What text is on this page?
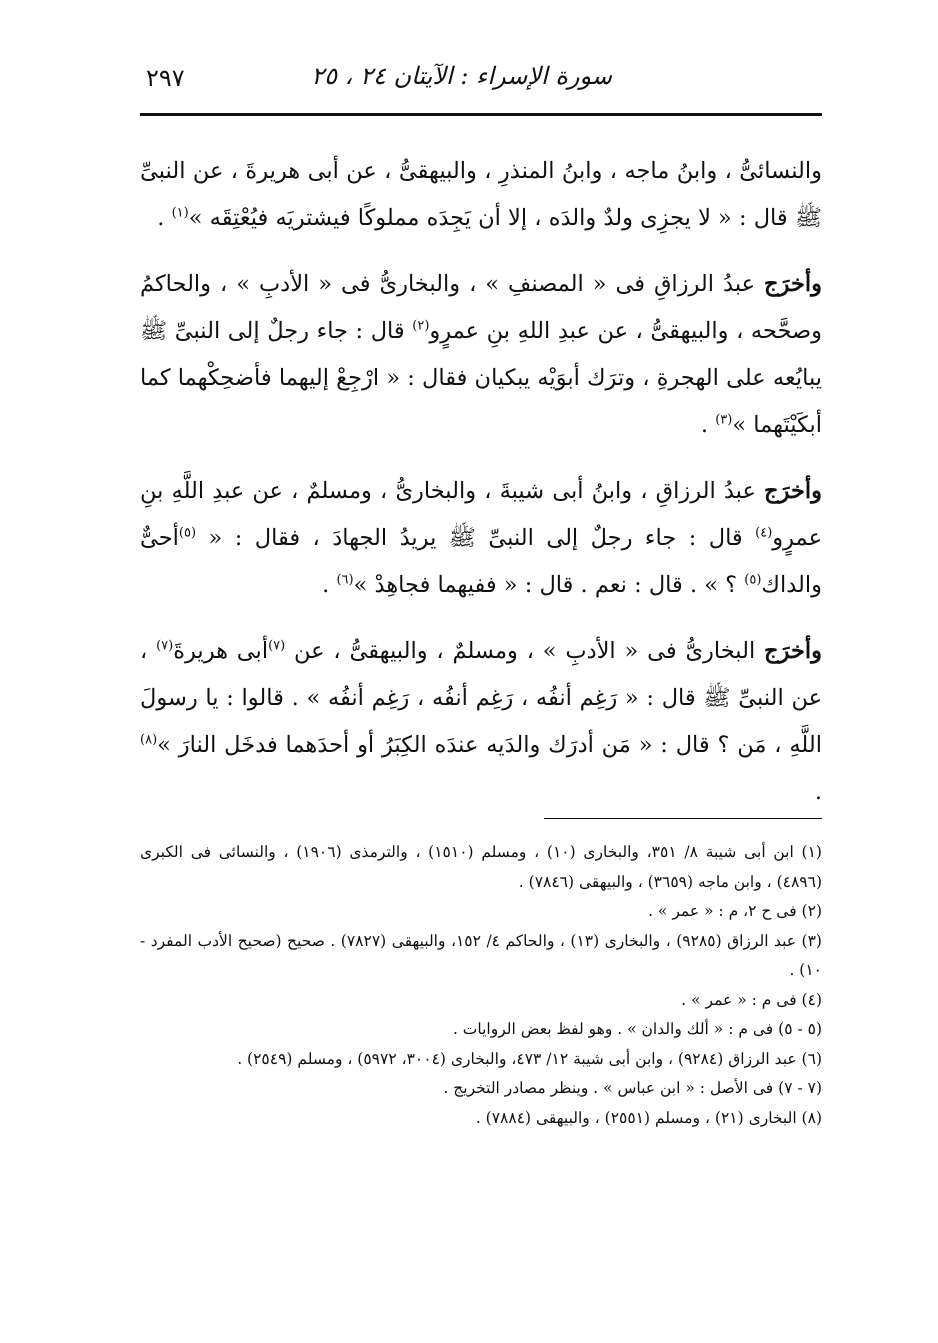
سورة الإسراء : الآيتان ٢٤ ، ٢٥
٢٩٧

والنسائىُّ ، وابنُ ماجه ، وابنُ المنذرِ ، والبيهقىُّ ، عن أبى هريرةَ ، عن النبىِّ ﷺ قال : « لا يجزِى ولدٌ والدَه ، إلا أن يَجِدَه مملوكًا فيشتريَه فيُعْتِقَه »$^{(١)}$ .

وأخرَج عبدُ الرزاقِ فى « المصنفِ » ، والبخارىُّ فى « الأدبِ » ، والحاكمُ وصحَّحه ، والبيهقىُّ ، عن عبدِ اللهِ بنِ عمرٍو$^{(٢)}$ قال : جاء رجلٌ إلى النبىِّ ﷺ يبايُعه على الهجرةِ ، وترَك أبوَيْه يبكيان فقال : « ارْجِعْ إليهما فأضحِكْهما كما أبكَيْتَهما »$^{(٣)}$ .

وأخرَج عبدُ الرزاقِ ، وابنُ أبى شيبةَ ، والبخارىُّ ، ومسلمٌ ، عن عبدِ اللَّهِ بنِ عمرٍو$^{(٤)}$ قال : جاء رجلٌ إلى النبىِّ ﷺ يريدُ الجهادَ ، فقال : « $^{(٥)}$أحىٌّ والداك$^{(٥)}$ ؟ » . قال : نعم . قال : « ففيهما فجاهِدْ »$^{(٦)}$ .

وأخرَج البخارىُّ فى « الأدبِ » ، ومسلمٌ ، والبيهقىُّ ، عن $^{(٧)}$أبى هريرةَ$^{(٧)}$ ، عن النبىِّ ﷺ قال : « رَغِم أنفُه ، رَغِم أنفُه ، رَغِم أنفُه » . قالوا : يا رسولَ اللَّهِ ، مَن ؟ قال : « مَن أدرَك والدَيه عندَه الكِبَرُ أو أحدَهما فدخَل النارَ »$^{(٨)}$ .

(١) ابن أبى شيبة ٨/ ٣٥١، والبخارى (١٠) ، ومسلم (١٥١٠) ، والترمذى (١٩٠٦) ، والنسائى فى الكبرى (٤٨٩٦) ، وابن ماجه (٣٦٥٩) ، والبيهقى (٧٨٤٦) .

(٢) فى ح ٢، م : « عمر » .

(٣) عبد الرزاق (٩٢٨٥) ، والبخارى (١٣) ، والحاكم ٤/ ١٥٢، والبيهقى (٧٨٢٧) . صحيح (صحيح الأدب المفرد - ١٠) .

(٤) فى م : « عمر » .

(٥ - ٥) فى م : « ألك والدان » . وهو لفظ بعض الروايات .

(٦) عبد الرزاق (٩٢٨٤) ، وابن أبى شيبة ١٢/ ٤٧٣، والبخارى (٣٠٠٤، ٥٩٧٢) ، ومسلم (٢٥٤٩) .

(٧ - ٧) فى الأصل : « ابن عباس » . وينظر مصادر التخريج .

(٨) البخارى (٢١) ، ومسلم (٢٥٥١) ، والبيهقى (٧٨٨٤) .
